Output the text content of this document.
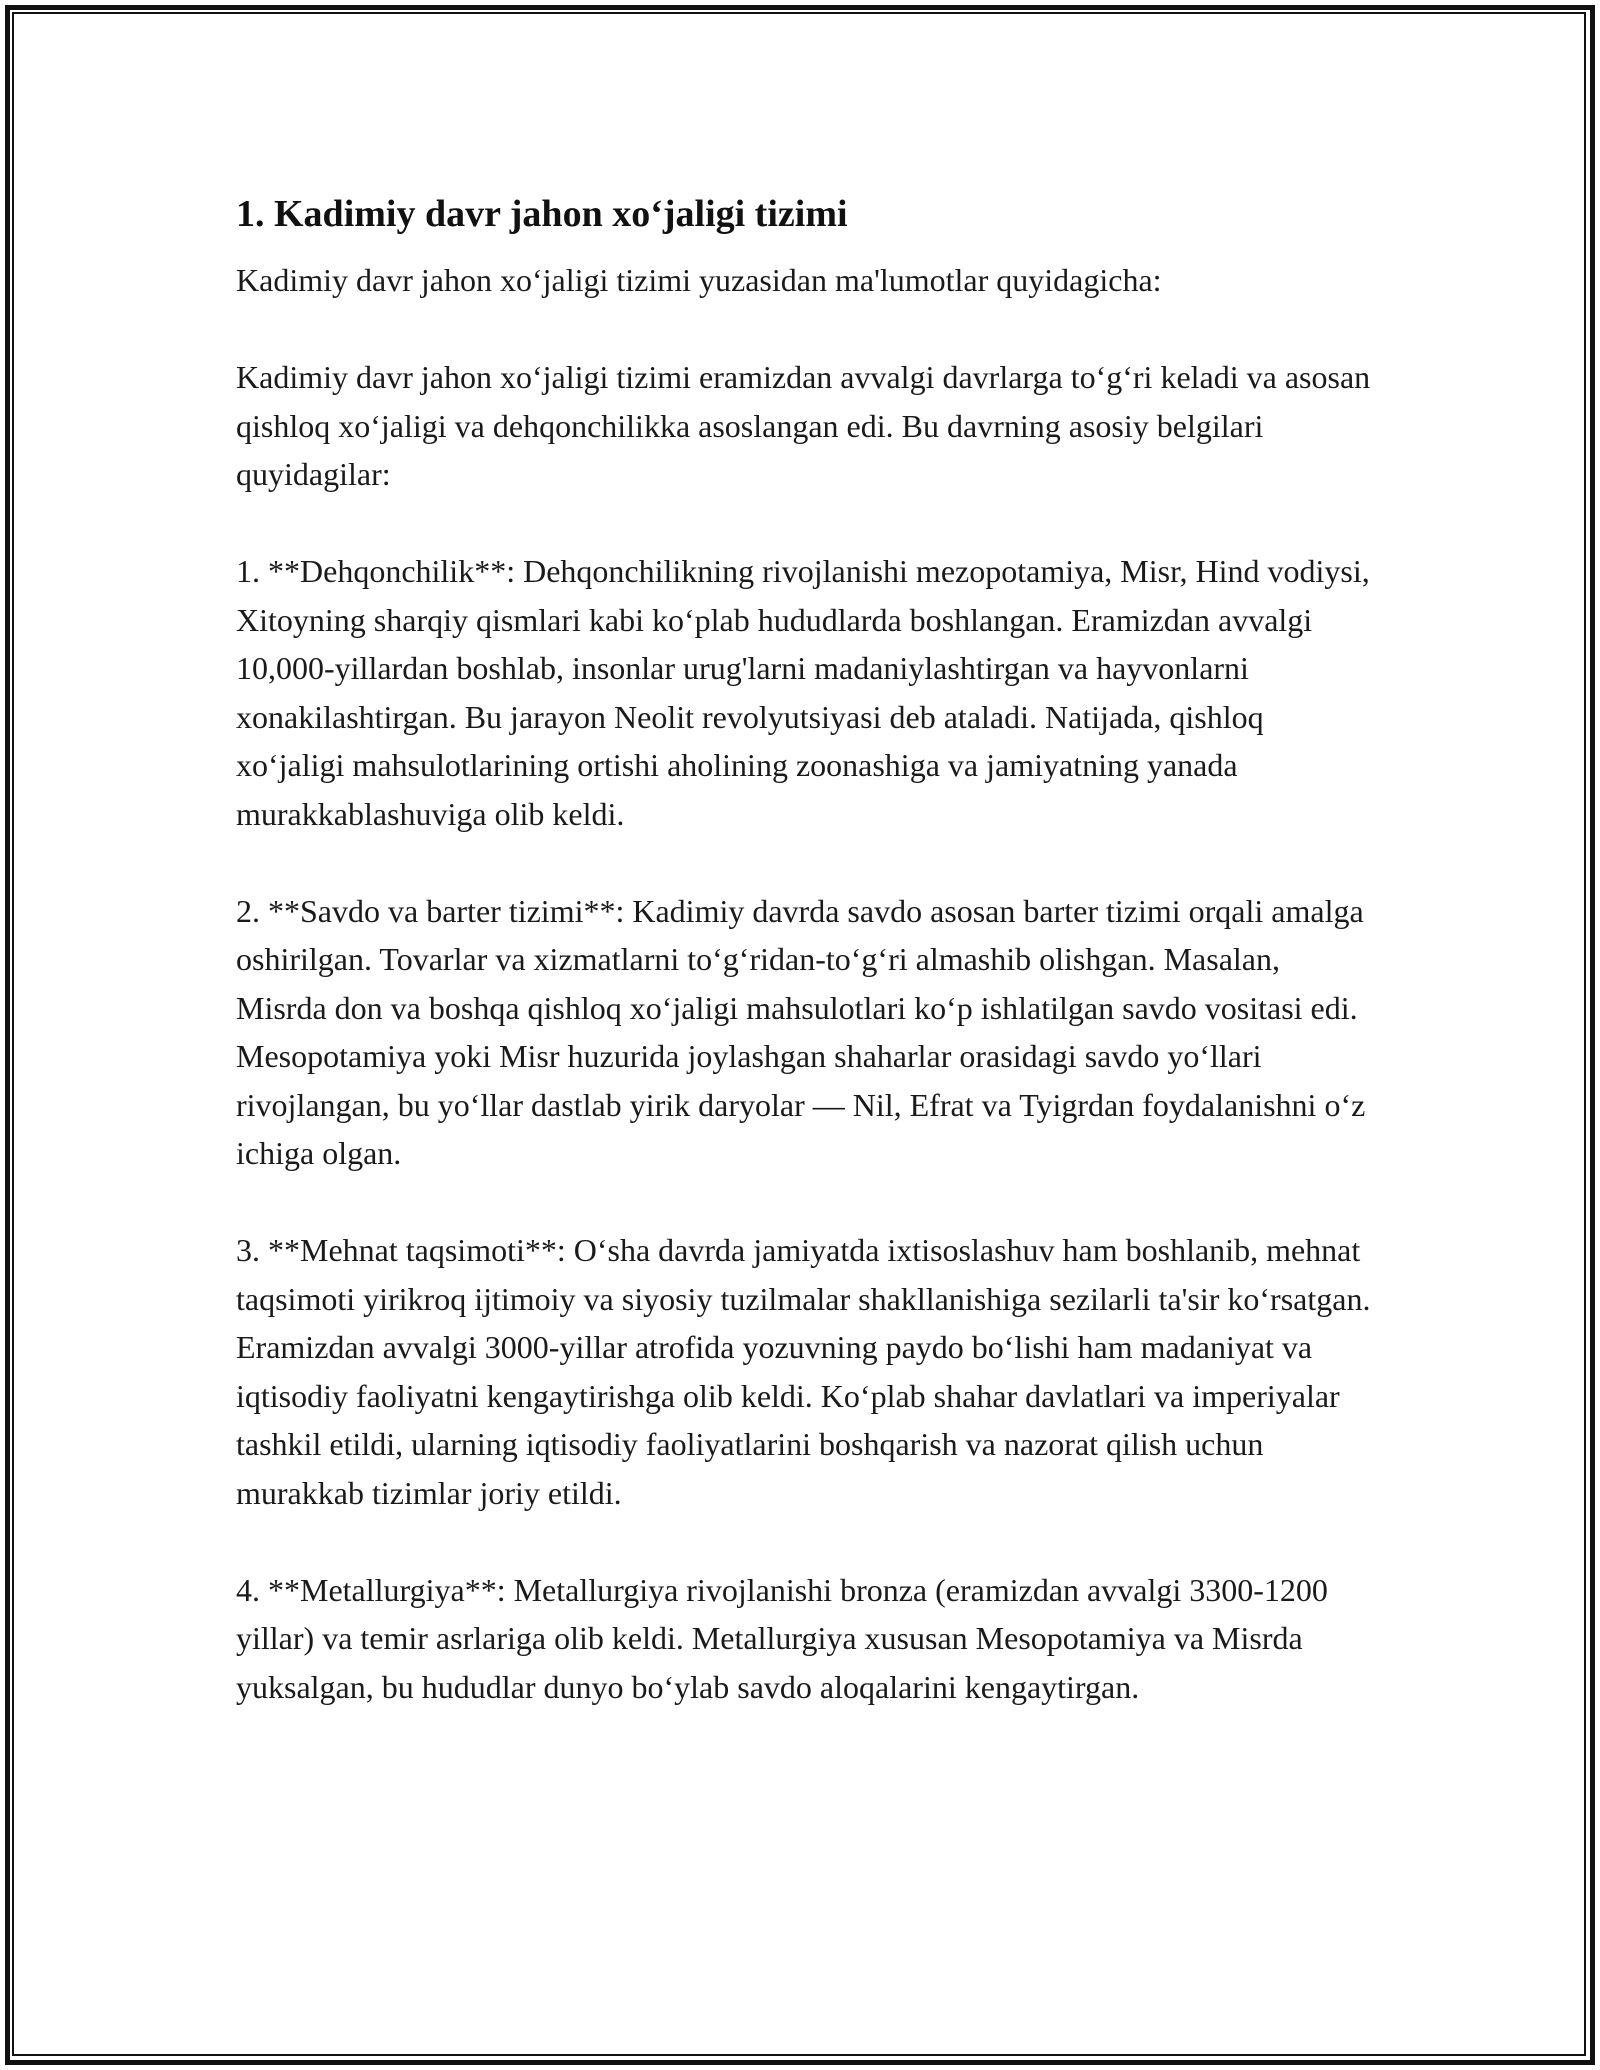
1. Kadimiy davr jahon xo‘jaligi tizimi

Kadimiy davr jahon xo‘jaligi tizimi yuzasidan ma'lumotlar quyidagicha:

Kadimiy davr jahon xo‘jaligi tizimi eramizdan avvalgi davrlarga to‘g‘ri keladi va asosan qishloq xo‘jaligi va dehqonchilikka asoslangan edi. Bu davrning asosiy belgilari quyidagilar:

1. **Dehqonchilik**: Dehqonchilikning rivojlanishi mezopotamiya, Misr, Hind vodiysi, Xitoyning sharqiy qismlari kabi ko‘plab hududlarda boshlangan. Eramizdan avvalgi 10,000-yillardan boshlab, insonlar urug'larni madaniylashtirgan va hayvonlarni xonakilashtirgan. Bu jarayon Neolit revolyutsiyasi deb ataladi. Natijada, qishloq xo‘jaligi mahsulotlarining ortishi aholining zoonashiga va jamiyatning yanada murakkablashuviga olib keldi.

2. **Savdo va barter tizimi**: Kadimiy davrda savdo asosan barter tizimi orqali amalga oshirilgan. Tovarlar va xizmatlarni to‘g‘ridan-to‘g‘ri almashib olishgan. Masalan, Misrda don va boshqa qishloq xo‘jaligi mahsulotlari ko‘p ishlatilgan savdo vositasi edi. Mesopotamiya yoki Misr huzurida joylashgan shaharlar orasidagi savdo yo‘llari rivojlangan, bu yo‘llar dastlab yirik daryolar — Nil, Efrat va Tyigrdan foydalanishni o‘z ichiga olgan.

3. **Mehnat taqsimoti**: O‘sha davrda jamiyatda ixtisoslashuv ham boshlanib, mehnat taqsimoti yirikroq ijtimoiy va siyosiy tuzilmalar shakllanishiga sezilarli ta'sir ko‘rsatgan. Eramizdan avvalgi 3000-yillar atrofida yozuvning paydo bo‘lishi ham madaniyat va iqtisodiy faoliyatni kengaytirishga olib keldi. Ko‘plab shahar davlatlari va imperiyalar tashkil etildi, ularning iqtisodiy faoliyatlarini boshqarish va nazorat qilish uchun murakkab tizimlar joriy etildi.

4. **Metallurgiya**: Metallurgiya rivojlanishi bronza (eramizdan avvalgi 3300-1200 yillar) va temir asrlariga olib keldi. Metallurgiya xususan Mesopotamiya va Misrda yuksalgan, bu hududlar dunyo bo‘ylab savdo aloqalarini kengaytirgan.
